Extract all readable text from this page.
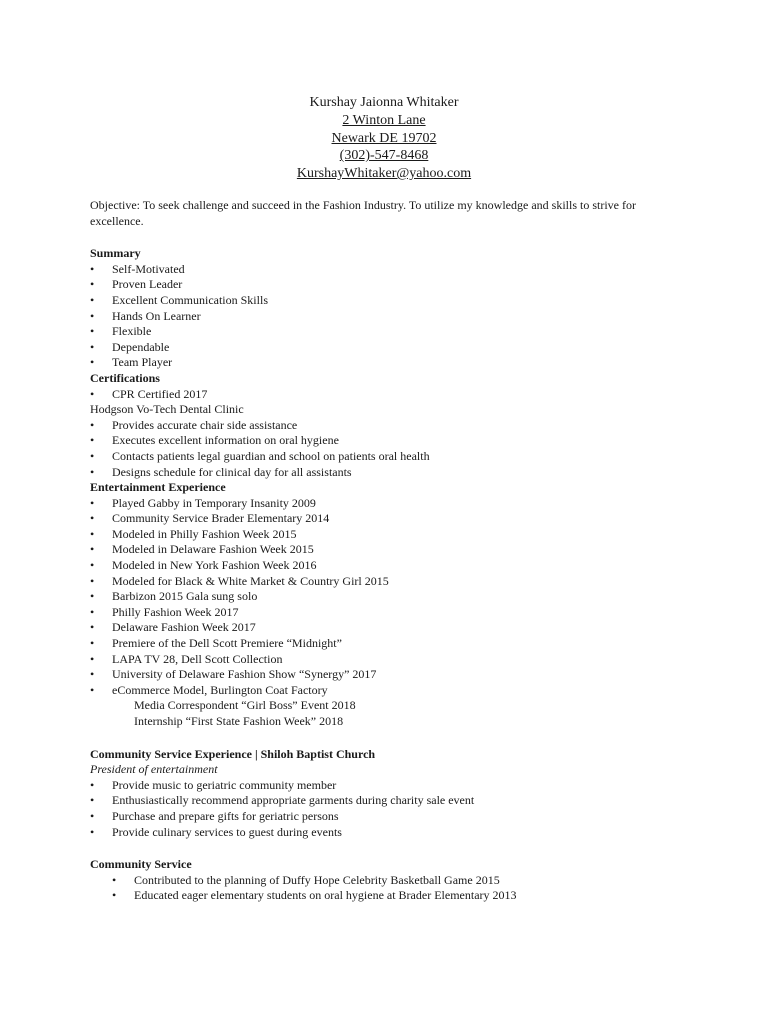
Kurshay Jaionna Whitaker
2 Winton Lane
Newark DE 19702
(302)-547-8468
KurshayWhitaker@yahoo.com

Objective: To seek challenge and succeed in the Fashion Industry. To utilize my knowledge and skills to strive for excellence.

Summary
• Self-Motivated
• Proven Leader
• Excellent Communication Skills
• Hands On Learner
• Flexible
• Dependable
• Team Player
Certifications
• CPR Certified 2017
Hodgson Vo-Tech Dental Clinic
• Provides accurate chair side assistance
• Executes excellent information on oral hygiene
• Contacts patients legal guardian and school on patients oral health
• Designs schedule for clinical day for all assistants
Entertainment Experience
• Played Gabby in Temporary Insanity 2009
• Community Service Brader Elementary 2014
• Modeled in Philly Fashion Week 2015
• Modeled in Delaware Fashion Week 2015
• Modeled in New York Fashion Week 2016
• Modeled for Black & White Market & Country Girl 2015
• Barbizon 2015 Gala sung solo
• Philly Fashion Week 2017
• Delaware Fashion Week 2017
• Premiere of the Dell Scott Premiere “Midnight”
• LAPA TV 28, Dell Scott Collection
• University of Delaware Fashion Show “Synergy” 2017
• eCommerce Model, Burlington Coat Factory
Media Correspondent “Girl Boss” Event 2018
Internship “First State Fashion Week” 2018
Community Service Experience | Shiloh Baptist Church
President of entertainment
• Provide music to geriatric community member
• Enthusiastically recommend appropriate garments during charity sale event
• Purchase and prepare gifts for geriatric persons
• Provide culinary services to guest during events
Community Service
• Contributed to the planning of Duffy Hope Celebrity Basketball Game 2015
• Educated eager elementary students on oral hygiene at Brader Elementary 2013
